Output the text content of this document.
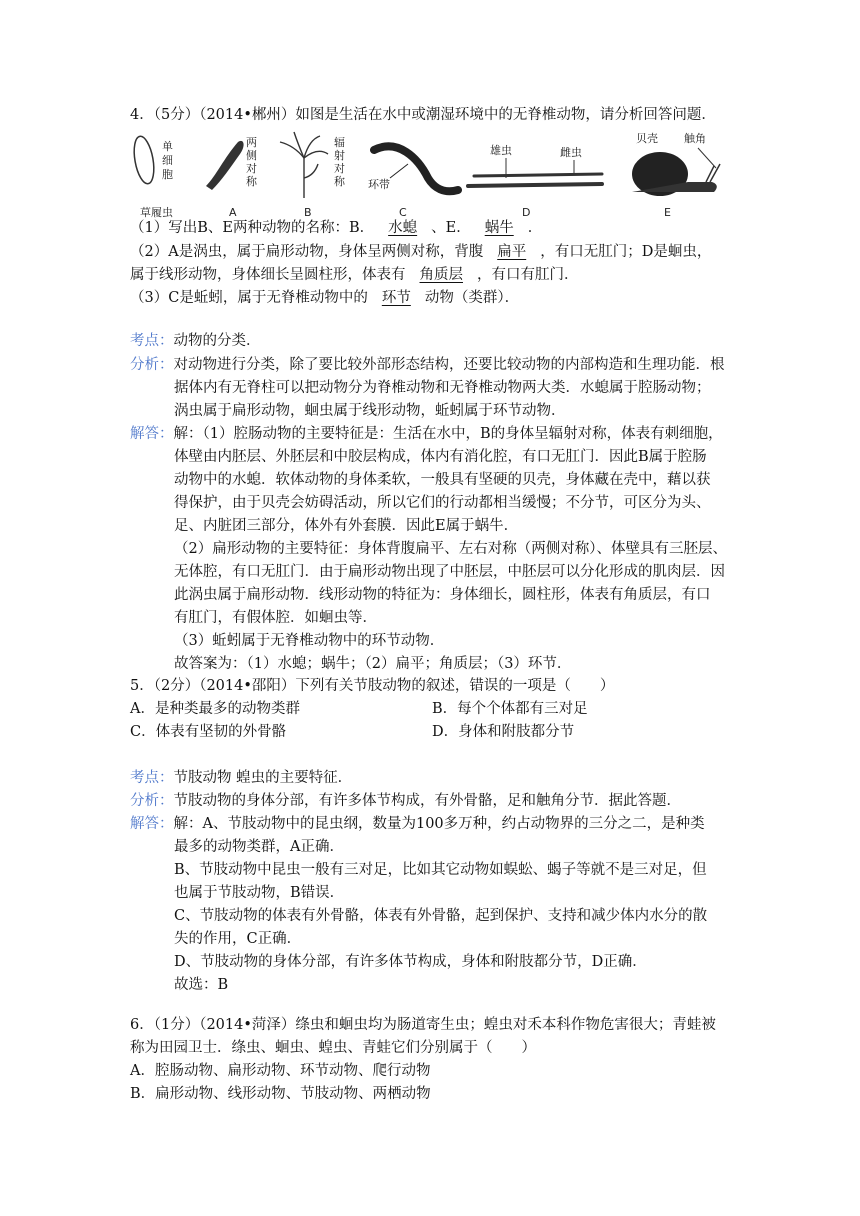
4．（5分）（2014•郴州）如图是生活在水中或潮湿环境中的无脊椎动物，请分析回答问题．
单
细
胞
草履虫
两
侧
对
称
A
辐
射
对
称
B
环带
C
雄虫	雌虫
D
贝壳 触角
E
（1）写出B、E两种动物的名称：B． 水螅 、E． 蜗牛 ．
（2）A是涡虫，属于扁形动物，身体呈两侧对称，背腹 扁平 ，有口无肛门；D是蛔虫，
属于线形动物，身体细长呈圆柱形，体表有 角质层 ，有口有肛门．
（3）C是蚯蚓，属于无脊椎动物中的 环节 动物（类群）．
考点：动物的分类．
分析：对动物进行分类，除了要比较外部形态结构，还要比较动物的内部构造和生理功能．根
据体内有无脊柱可以把动物分为脊椎动物和无脊椎动物两大类．水螅属于腔肠动物；
涡虫属于扁形动物，蛔虫属于线形动物，蚯蚓属于环节动物．
解答：解：（1）腔肠动物的主要特征是：生活在水中，B的身体呈辐射对称，体表有刺细胞，
体壁由内胚层、外胚层和中胶层构成，体内有消化腔，有口无肛门．因此B属于腔肠
动物中的水螅．软体动物的身体柔软，一般具有坚硬的贝壳，身体藏在壳中，藉以获
得保护，由于贝壳会妨碍活动，所以它们的行动都相当缓慢；不分节，可区分为头、
足、内脏团三部分，体外有外套膜．因此E属于蜗牛．
（2）扁形动物的主要特征：身体背腹扁平、左右对称（两侧对称）、体壁具有三胚层、
无体腔，有口无肛门．由于扁形动物出现了中胚层，中胚层可以分化形成的肌肉层．因
此涡虫属于扁形动物．线形动物的特征为：身体细长，圆柱形，体表有角质层，有口
有肛门，有假体腔．如蛔虫等．
（3）蚯蚓属于无脊椎动物中的环节动物．
故答案为：（1）水螅；蜗牛；（2）扁平；角质层；（3）环节．
5．（2分）（2014•邵阳）下列有关节肢动物的叙述，错误的一项是（　　）
A．是种类最多的动物类群	B．每个个体都有三对足
C．体表有坚韧的外骨骼	D．身体和附肢都分节
考点：节肢动物 蝗虫的主要特征．
分析：节肢动物的身体分部，有许多体节构成，有外骨骼，足和触角分节．据此答题．
解答：解：A、节肢动物中的昆虫纲，数量为100多万种，约占动物界的三分之二，是种类
最多的动物类群，A正确．
B、节肢动物中昆虫一般有三对足，比如其它动物如蜈蚣、蝎子等就不是三对足，但
也属于节肢动物，B错误．
C、节肢动物的体表有外骨骼，体表有外骨骼，起到保护、支持和减少体内水分的散
失的作用，C正确．
D、节肢动物的身体分部，有许多体节构成，身体和附肢都分节，D正确．
故选：B
6．（1分）（2014•菏泽）绦虫和蛔虫均为肠道寄生虫；蝗虫对禾本科作物危害很大；青蛙被
称为田园卫士．绦虫、蛔虫、蝗虫、青蛙它们分别属于（　　）
A．腔肠动物、扁形动物、环节动物、爬行动物
B．扁形动物、线形动物、节肢动物、两栖动物
